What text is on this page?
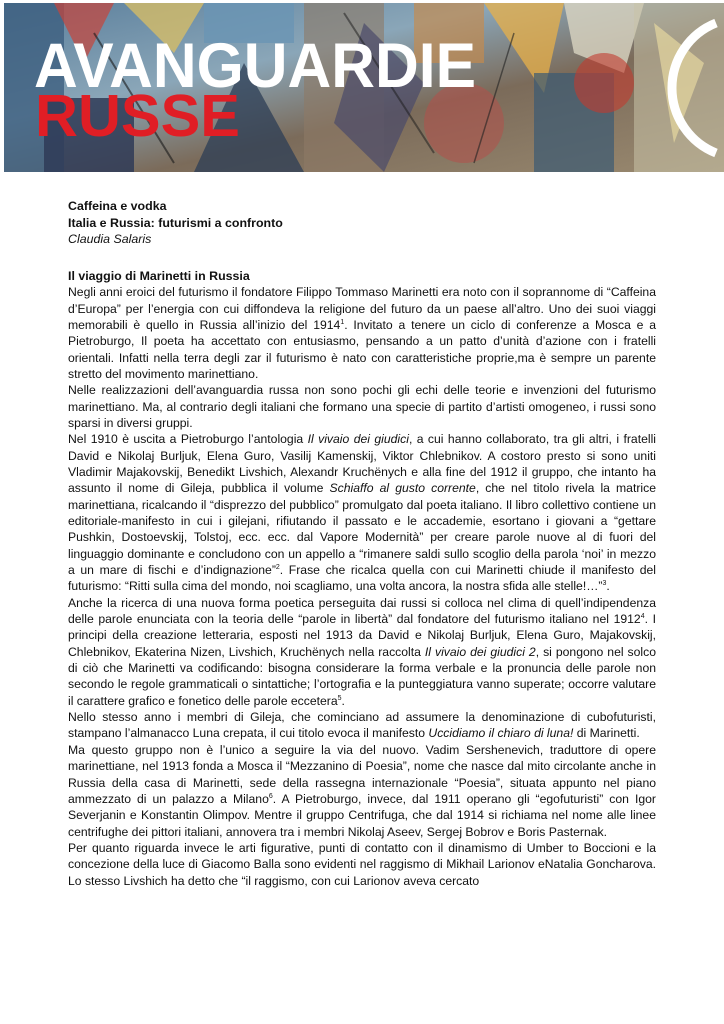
AVANGUARDIE
RUSSE

Caffeina e vodka

Italia e Russia: futurismi a confronto

Claudia Salaris

Il viaggio di Marinetti in Russia

Negli anni eroici del futurismo il fondatore Filippo Tommaso Marinetti era noto con il soprannome di “Caffeina d’Europa” per l’energia con cui diffondeva la religione del futuro da un paese all’altro. Uno dei suoi viaggi memorabili è quello in Russia all’inizio del 1914$^1$. Invitato a tenere un ciclo di conferenze a Mosca e a Pietroburgo, Il poeta ha accettato con entusiasmo, pensando a un patto d’unità d’azione con i fratelli orientali. Infatti nella terra degli zar il futurismo è nato con caratteristiche proprie,ma è sempre un parente stretto del movimento marinettiano.

Nelle realizzazioni dell’avanguardia russa non sono pochi gli echi delle teorie e invenzioni del futurismo marinettiano. Ma, al contrario degli italiani che formano una specie di partito d’artisti omogeneo, i russi sono sparsi in diversi gruppi.

Nel 1910 è uscita a Pietroburgo l’antologia Il vivaio dei giudici, a cui hanno collaborato, tra gli altri, i fratelli David e Nikolaj Burljuk, Elena Guro, Vasilij Kamenskij, Viktor Chlebnikov. A costoro presto si sono uniti Vladimir Majakovskij, Benedikt Livshich, Alexandr Kruchënych e alla fine del 1912 il gruppo, che intanto ha assunto il nome di Gileja, pubblica il volume Schiaffo al gusto corrente, che nel titolo rivela la matrice marinettiana, ricalcando il “disprezzo del pubblico” promulgato dal poeta italiano. Il libro collettivo contiene un editoriale-manifesto in cui i gilejani, rifiutando il passato e le accademie, esortano i giovani a “gettare Pushkin, Dostoevskij, Tolstoj, ecc. ecc. dal Vapore Modernità” per creare parole nuove al di fuori del linguaggio dominante e concludono con un appello a “rimanere saldi sullo scoglio della parola ‘noi’ in mezzo a un mare di fischi e d’indignazione”$^2$. Frase che ricalca quella con cui Marinetti chiude il manifesto del futurismo: “Ritti sulla cima del mondo, noi scagliamo, una volta ancora, la nostra sfida alle stelle!…”$^3$.

Anche la ricerca di una nuova forma poetica perseguita dai russi si colloca nel clima di quell’indipendenza delle parole enunciata con la teoria delle “parole in libertà” dal fondatore del futurismo italiano nel 1912$^4$. I principi della creazione letteraria, esposti nel 1913 da David e Nikolaj Burljuk, Elena Guro, Majakovskij, Chlebnikov, Ekaterina Nizen, Livshich, Kruchënych nella raccolta Il vivaio dei giudici 2, si pongono nel solco di ciò che Marinetti va codificando: bisogna considerare la forma verbale e la pronuncia delle parole non secondo le regole grammaticali o sintattiche; l’ortografia e la punteggiatura vanno superate; occorre valutare il carattere grafico e fonetico delle parole eccetera$^5$.

Nello stesso anno i membri di Gileja, che cominciano ad assumere la denominazione di cubofuturisti, stampano l’almanacco Luna crepata, il cui titolo evoca il manifesto Uccidiamo il chiaro di luna! di Marinetti.

Ma questo gruppo non è l’unico a seguire la via del nuovo. Vadim Sershenevich, traduttore di opere marinettiane, nel 1913 fonda a Mosca il “Mezzanino di Poesia”, nome che nasce dal mito circolante anche in Russia della casa di Marinetti, sede della rassegna internazionale “Poesia”, situata appunto nel piano ammezzato di un palazzo a Milano$^6$. A Pietroburgo, invece, dal 1911 operano gli “egofuturisti” con Igor Severjanin e Konstantin Olimpov. Mentre il gruppo Centrifuga, che dal 1914 si richiama nel nome alle linee centrifughe dei pittori italiani, annovera tra i membri Nikolaj Aseev, Sergej Bobrov e Boris Pasternak.

Per quanto riguarda invece le arti figurative, punti di contatto con il dinamismo di Umber to Boccioni e la concezione della luce di Giacomo Balla sono evidenti nel raggismo di Mikhail Larionov eNatalia Goncharova. Lo stesso Livshich ha detto che “il raggismo, con cui Larionov aveva cercato
